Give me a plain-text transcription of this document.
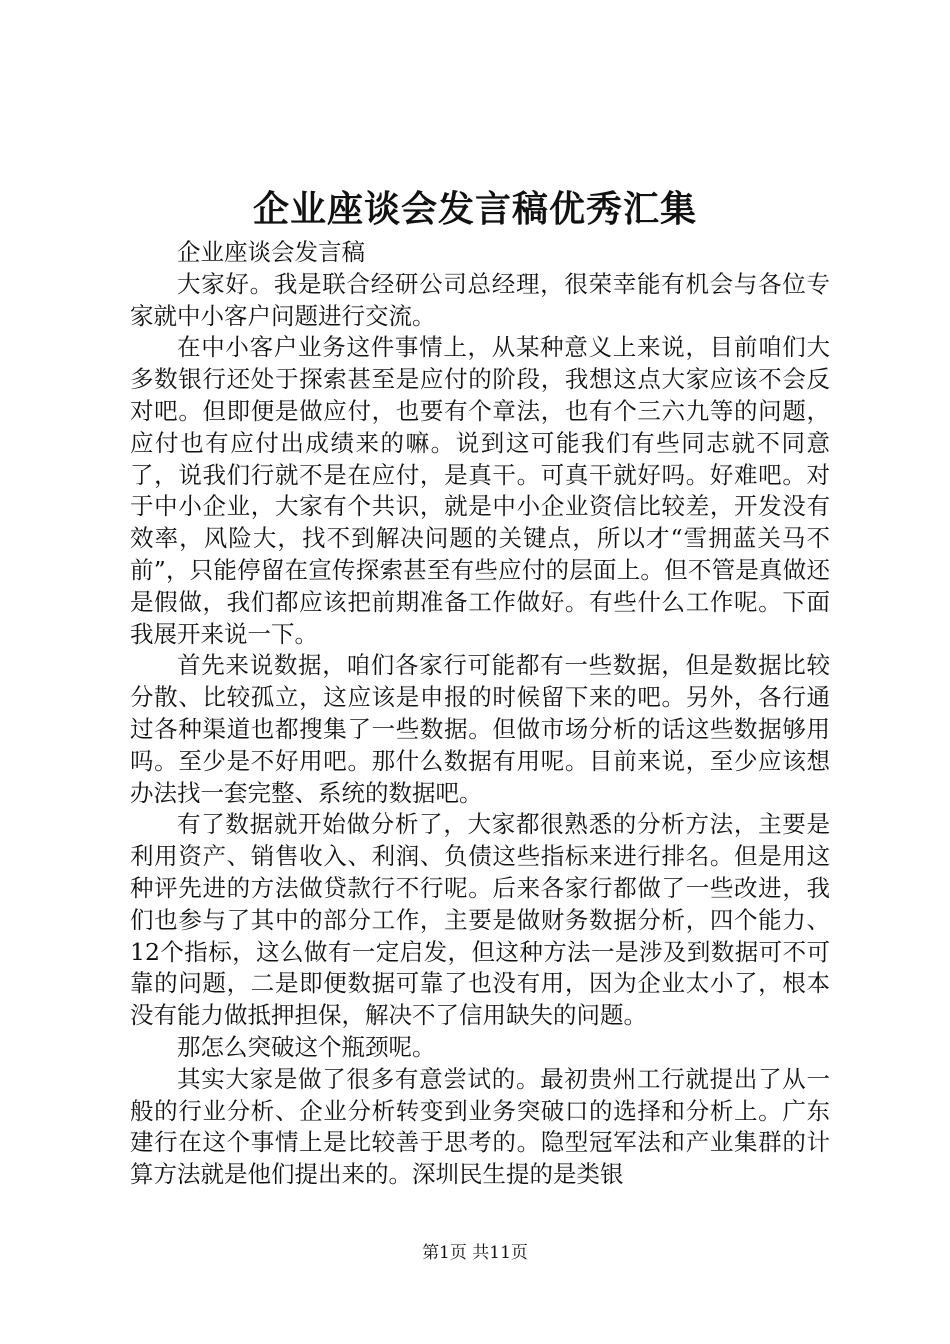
企业座谈会发言稿优秀汇集

企业座谈会发言稿

大家好。我是联合经研公司总经理，很荣幸能有机会与各位专家就中小客户问题进行交流。

在中小客户业务这件事情上，从某种意义上来说，目前咱们大多数银行还处于探索甚至是应付的阶段，我想这点大家应该不会反对吧。但即便是做应付，也要有个章法，也有个三六九等的问题，应付也有应付出成绩来的嘛。说到这可能我们有些同志就不同意了，说我们行就不是在应付，是真干。可真干就好吗。好难吧。对于中小企业，大家有个共识，就是中小企业资信比较差，开发没有效率，风险大，找不到解决问题的关键点，所以才“雪拥蓝关马不前”，只能停留在宣传探索甚至有些应付的层面上。但不管是真做还是假做，我们都应该把前期准备工作做好。有些什么工作呢。下面我展开来说一下。

首先来说数据，咱们各家行可能都有一些数据，但是数据比较分散、比较孤立，这应该是申报的时候留下来的吧。另外，各行通过各种渠道也都搜集了一些数据。但做市场分析的话这些数据够用吗。至少是不好用吧。那什么数据有用呢。目前来说，至少应该想办法找一套完整、系统的数据吧。

有了数据就开始做分析了，大家都很熟悉的分析方法，主要是利用资产、销售收入、利润、负债这些指标来进行排名。但是用这种评先进的方法做贷款行不行呢。后来各家行都做了一些改进，我们也参与了其中的部分工作，主要是做财务数据分析，四个能力、12个指标，这么做有一定启发，但这种方法一是涉及到数据可不可靠的问题，二是即便数据可靠了也没有用，因为企业太小了，根本没有能力做抵押担保，解决不了信用缺失的问题。

那怎么突破这个瓶颈呢。

其实大家是做了很多有意尝试的。最初贵州工行就提出了从一般的行业分析、企业分析转变到业务突破口的选择和分析上。广东建行在这个事情上是比较善于思考的。隐型冠军法和产业集群的计算方法就是他们提出来的。深圳民生提的是类银

第1页 共11页
